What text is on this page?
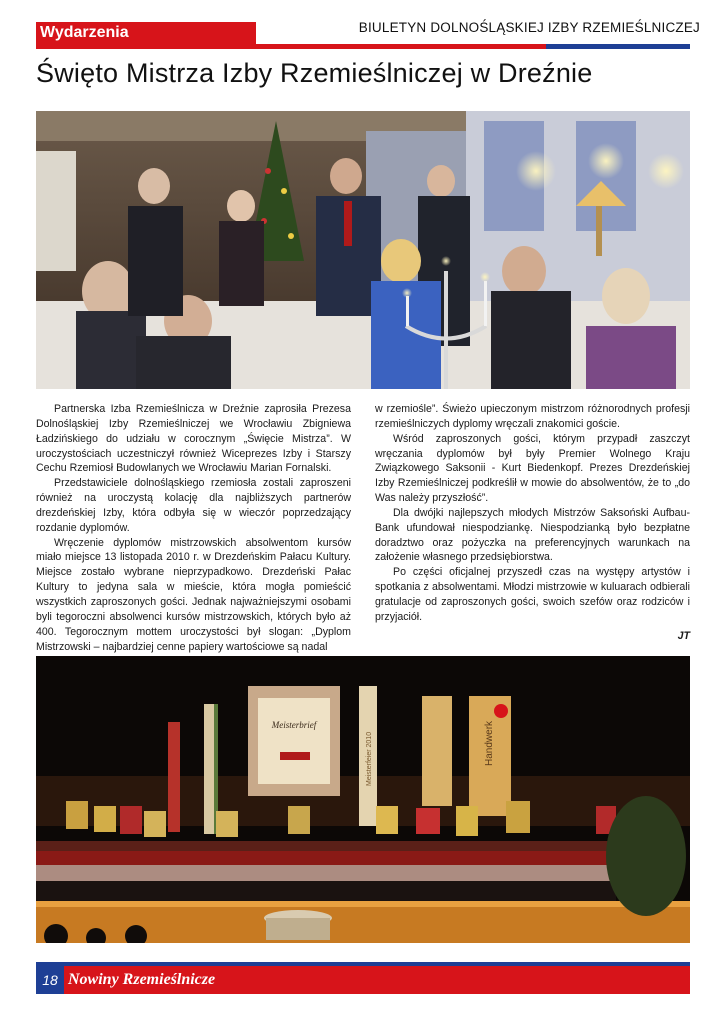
Wydarzenia	BIULETYN DOLNOŚLĄSKIEJ IZBY RZEMIEŚLNICZEJ
Święto Mistrza Izby Rzemieślniczej w Dreźnie

Partnerska Izba Rzemieślnicza w Dreźnie zaprosiła Prezesa Dolnośląskiej Izby Rzemieślniczej we Wrocławiu Zbigniewa Ładzińskiego do udziału w corocznym „Święcie Mistrza”. W uroczystościach uczestniczył również Wiceprezes Izby i Starszy Cechu Rzemiosł Budowlanych we Wrocławiu Marian Fornalski.

Przedstawiciele dolnośląskiego rzemiosła zostali zaproszeni również na uroczystą kolację dla najbliższych partnerów drezdeńskiej Izby, która odbyła się w wieczór poprzedzający rozdanie dyplomów.

Wręczenie dyplomów mistrzowskich absolwentom kursów miało miejsce 13 listopada 2010 r. w Drezdeńskim Pałacu Kultury. Miejsce zostało wybrane nieprzypadkowo. Drezdeński Pałac Kultury to jedyna sala w mieście, która mogła pomieścić wszystkich zaproszonych gości. Jednak najważniejszymi osobami byli tegoroczni absolwenci kursów mistrzowskich, których było aż 400. Tegorocznym mottem uroczystości był slogan: „Dyplom Mistrzowski – najbardziej cenne papiery wartościowe są nadal

w rzemiośle”. Świeżo upieczonym mistrzom różnorodnych profesji rzemieślniczych dyplomy wręczali znakomici goście.

Wśród zaproszonych gości, którym przypadł zaszczyt wręczania dyplomów był były Premier Wolnego Kraju Związkowego Saksonii - Kurt Biedenkopf. Prezes Drezdeńskiej Izby Rzemieślniczej podkreślił w mowie do absolwentów, że to „do Was należy przyszłość”.

Dla dwójki najlepszych młodych Mistrzów Saksoński Aufbau-Bank ufundował niespodziankę. Niespodzianką było bezpłatne doradztwo oraz pożyczka na preferencyjnych warunkach na założenie własnego przedsiębiorstwa.

Po części oficjalnej przyszedł czas na występy artystów i spotkania z absolwentami. Młodzi mistrzowie w kuluarach odbierali gratulacje od zaproszonych gości, swoich szefów oraz rodziców i przyjaciół.

JT

Meisterbrief
Meisterfeier 2010	Handwerk
18 Nowiny Rzemieślnicze
